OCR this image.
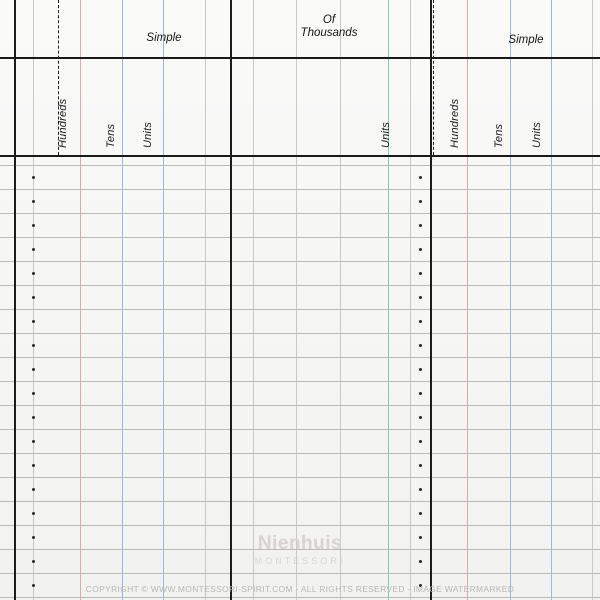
Hundreds	Tens Units	Units	Hundreds	Tens Units
Simple
Of
Thousands
Simple
Nienhuis
MONTESSORI
COPYRIGHT © WWW.MONTESSORI-SPIRIT.COM - ALL RIGHTS RESERVED - IMAGE WATERMARKED
